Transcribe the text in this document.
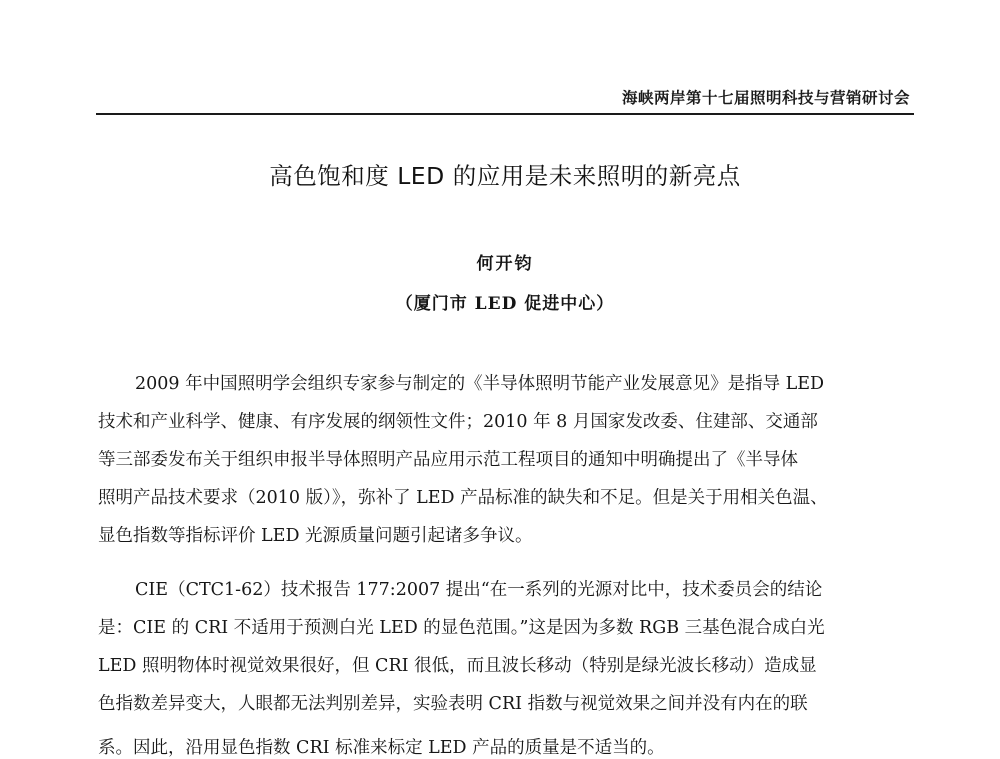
海峡两岸第十七届照明科技与营销研讨会
高色饱和度 LED 的应用是未来照明的新亮点
何开钧
（厦门市 LED 促进中心）
2009 年中国照明学会组织专家参与制定的《半导体照明节能产业发展意见》是指导 LED
技术和产业科学、健康、有序发展的纲领性文件；2010 年 8 月国家发改委、住建部、交通部
等三部委发布关于组织申报半导体照明产品应用示范工程项目的通知中明确提出了《半导体
照明产品技术要求（2010 版）》，弥补了 LED 产品标准的缺失和不足。但是关于用相关色温、
显色指数等指标评价 LED 光源质量问题引起诸多争议。
CIE（CTC1-62）技术报告 177:2007 提出“在一系列的光源对比中，技术委员会的结论
是：CIE 的 CRI 不适用于预测白光 LED 的显色范围。”这是因为多数 RGB 三基色混合成白光
LED 照明物体时视觉效果很好，但 CRI 很低，而且波长移动（特别是绿光波长移动）造成显
色指数差异变大，人眼都无法判别差异，实验表明 CRI 指数与视觉效果之间并没有内在的联
系。因此，沿用显色指数 CRI 标准来标定 LED 产品的质量是不适当的。
